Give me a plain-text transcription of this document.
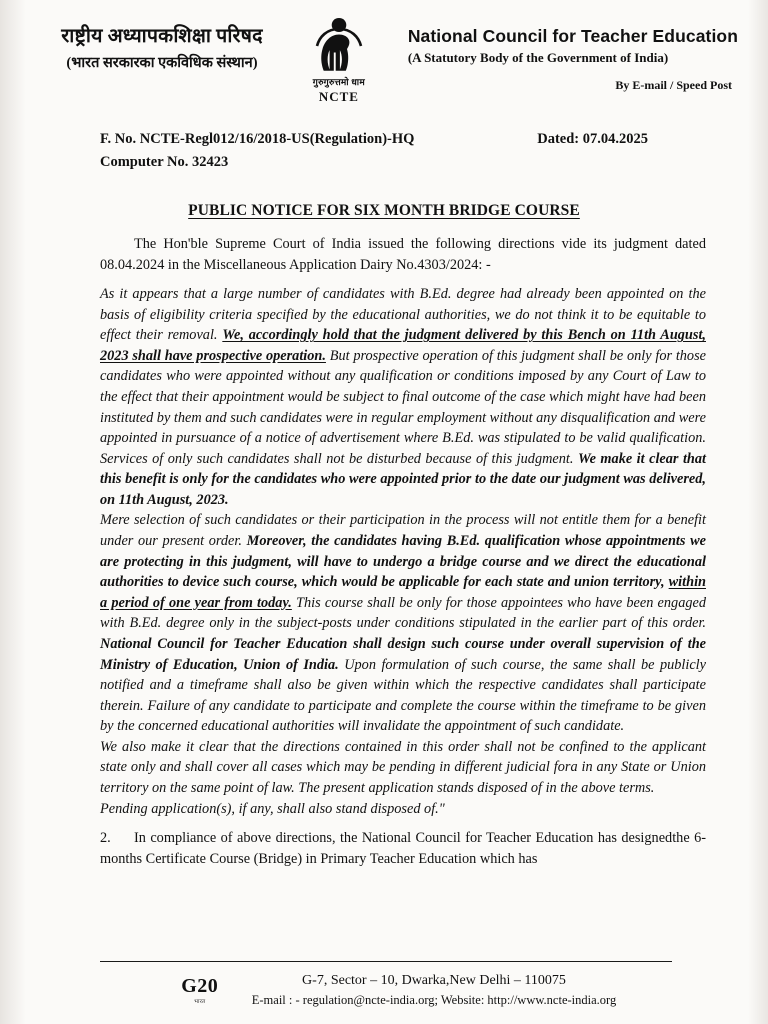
राष्ट्रीय अध्यापकशिक्षा परिषद
(भारत सरकारका एकविधिक संस्थान)
गुरुगुरुत्तमो धाम
NCTE
National Council for Teacher Education
(A Statutory Body of the Government of India)
By E-mail / Speed Post
F. No. NCTE-Regl012/16/2018-US(Regulation)-HQ	Dated: 07.04.2025
Computer No. 32423
PUBLIC NOTICE FOR SIX MONTH BRIDGE COURSE
The Hon'ble Supreme Court of India issued the following directions vide its judgment dated 08.04.2024 in the Miscellaneous Application Dairy No.4303/2024: -

As it appears that a large number of candidates with B.Ed. degree had already been appointed on the basis of eligibility criteria specified by the educational authorities, we do not think it to be equitable to effect their removal. We, accordingly hold that the judgment delivered by this Bench on 11th August, 2023 shall have prospective operation. But prospective operation of this judgment shall be only for those candidates who were appointed without any qualification or conditions imposed by any Court of Law to the effect that their appointment would be subject to final outcome of the case which might have had been instituted by them and such candidates were in regular employment without any disqualification and were appointed in pursuance of a notice of advertisement where B.Ed. was stipulated to be valid qualification. Services of only such candidates shall not be disturbed because of this judgment. We make it clear that this benefit is only for the candidates who were appointed prior to the date our judgment was delivered, on 11th August, 2023.

Mere selection of such candidates or their participation in the process will not entitle them for a benefit under our present order. Moreover, the candidates having B.Ed. qualification whose appointments we are protecting in this judgment, will have to undergo a bridge course and we direct the educational authorities to device such course, which would be applicable for each state and union territory, within a period of one year from today. This course shall be only for those appointees who have been engaged with B.Ed. degree only in the subject-posts under conditions stipulated in the earlier part of this order. National Council for Teacher Education shall design such course under overall supervision of the Ministry of Education, Union of India. Upon formulation of such course, the same shall be publicly notified and a timeframe shall also be given within which the respective candidates shall participate therein. Failure of any candidate to participate and complete the course within the timeframe to be given by the concerned educational authorities will invalidate the appointment of such candidate.

We also make it clear that the directions contained in this order shall not be confined to the applicant state only and shall cover all cases which may be pending in different judicial fora in any State or Union territory on the same point of law. The present application stands disposed of in the above terms.

Pending application(s), if any, shall also stand disposed of."

2. In compliance of above directions, the National Council for Teacher Education has designedthe 6-months Certificate Course (Bridge) in Primary Teacher Education which has
G20
भारत
G-7, Sector – 10, Dwarka,New Delhi – 110075
E-mail : - regulation@ncte-india.org; Website: http://www.ncte-india.org
